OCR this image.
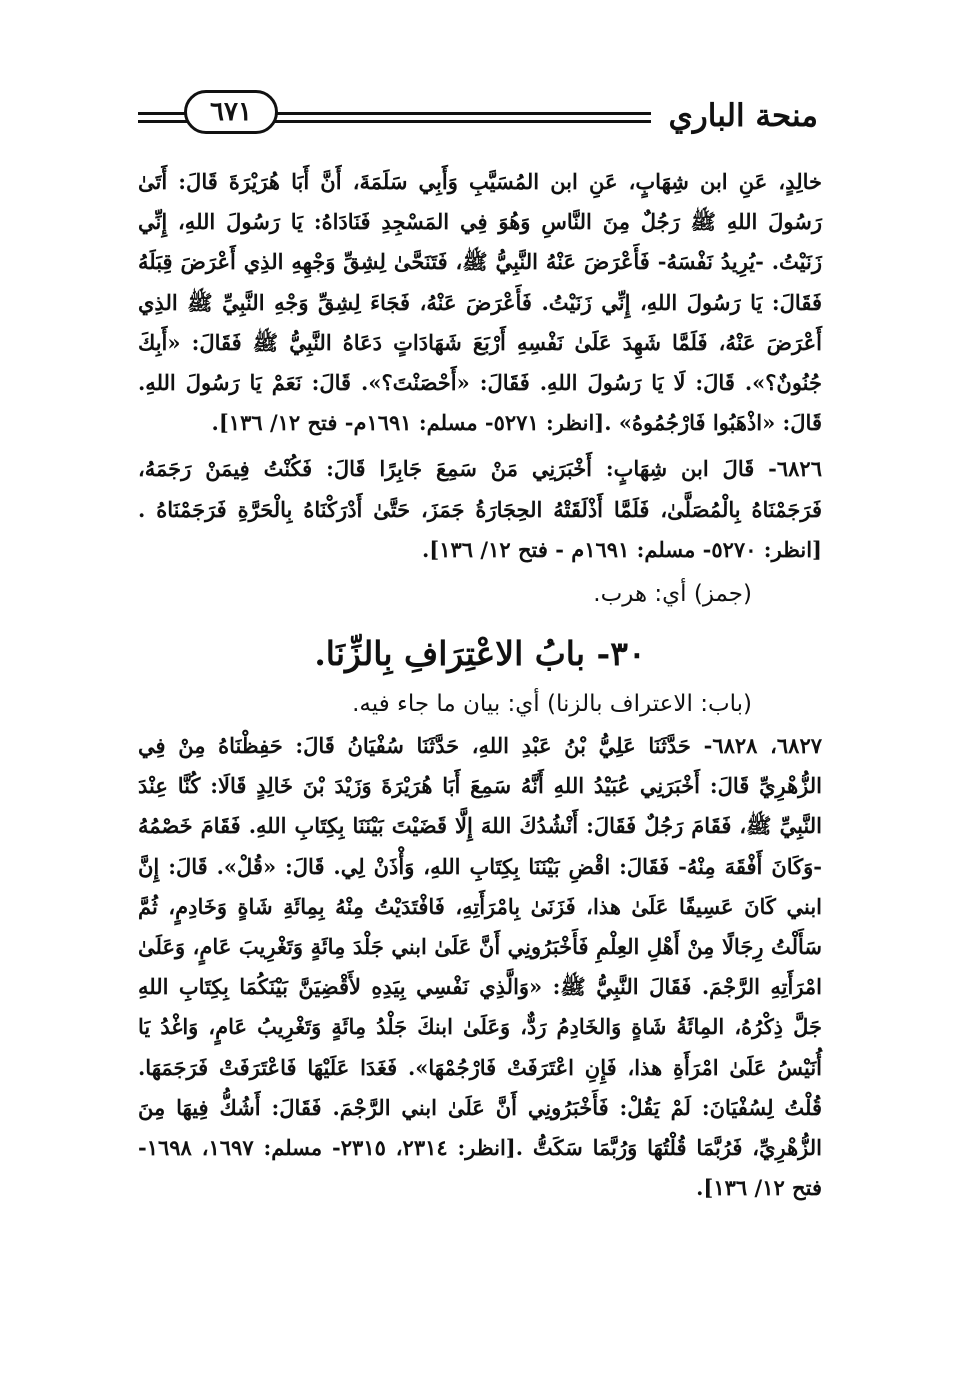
منحة الباري
٦٧١

خالِدٍ، عَنِ ابن شِهَابٍ، عَنِ ابن المُسَيَّبِ وَأَبِي سَلَمَةَ، أَنَّ أَبَا هُرَيْرَةَ قَالَ: أَتَىٰ رَسُولَ اللهِ ﷺ رَجُلٌ مِنَ النَّاسِ وَهُوَ فِي المَسْجِدِ فَنَادَاهُ: يَا رَسُولَ اللهِ، إِنِّي زَنَيْتُ. -يُرِيدُ نَفْسَهُ- فَأَعْرَضَ عَنْهُ النَّبِيُّ ﷺ، فَتَنَحَّىٰ لِشِقِّ وَجْهِهِ الذِي أَعْرَضَ قِبَلَهُ فَقَالَ: يَا رَسُولَ اللهِ، إِنِّي زَنَيْتُ. فَأَعْرَضَ عَنْهُ، فَجَاءَ لِشِقِّ وَجْهِ النَّبِيِّ ﷺ الذِي أَعْرَضَ عَنْهُ، فَلَمَّا شَهِدَ عَلَىٰ نَفْسِهِ أَرْبَعَ شَهَادَاتٍ دَعَاهُ النَّبِيُّ ﷺ فَقَالَ: «أَبِكَ جُنُونٌ؟». قَالَ: لَا يَا رَسُولَ اللهِ. فَقَالَ: «أَحْصَنْتَ؟». قَالَ: نَعَمْ يَا رَسُولَ اللهِ. قَالَ: «اذْهَبُوا فَارْجُمُوهُ» .[انظر: ٥٢٧١- مسلم: ١٦٩١م- فتح ١٢/ ١٣٦].

٦٨٢٦- قَالَ ابن شِهَابٍ: أَخْبَرَنِي مَنْ سَمِعَ جَابِرًا قَالَ: فَكُنْتُ فِيمَنْ رَجَمَهُ، فَرَجَمْنَاهُ بِالْمُصَلَّىٰ، فَلَمَّا أَذْلَقَتْهُ الحِجَارَةُ جَمَزَ، حَتَّىٰ أَدْرَكْنَاهُ بِالْحَرَّةِ فَرَجَمْنَاهُ .[انظر: ٥٢٧٠- مسلم: ١٦٩١م - فتح ١٢/ ١٣٦].

(جمز) أي: هرب.

٣٠- بابُ الاعْتِرَافِ بِالزِّنَا.

(باب: الاعتراف بالزنا) أي: بيان ما جاء فيه.

٦٨٢٧، ٦٨٢٨- حَدَّثَنَا عَلِيُّ بْنُ عَبْدِ اللهِ، حَدَّثَنَا سُفْيَانُ قَالَ: حَفِظْنَاهُ مِنْ فِي الزُّهْرِيِّ قَالَ: أَخْبَرَنِي عُبَيْدُ اللهِ أَنَّهُ سَمِعَ أَبَا هُرَيْرَةَ وَزَيْدَ بْنَ خَالِدٍ قَالَا: كُنَّا عِنْدَ النَّبِيِّ ﷺ، فَقَامَ رَجُلٌ فَقَالَ: أَنْشُدُكَ اللهَ إِلَّا قَضَيْتَ بَيْنَنَا بِكِتَابِ اللهِ. فَقَامَ خَصْمُهُ -وَكَانَ أَفْقَهَ مِنْهُ- فَقَالَ: اقْضِ بَيْنَنَا بِكِتَابِ اللهِ، وَأْذَنْ لِي. قَالَ: «قُلْ». قَالَ: إِنَّ ابني كَانَ عَسِيفًا عَلَىٰ هذا، فَزَنَىٰ بِامْرَأَتِهِ، فَافْتَدَيْتُ مِنْهُ بِمِائَةِ شَاةٍ وَخَادِمٍ، ثُمَّ سَأَلْتُ رِجَالًا مِنْ أَهْلِ العِلْمِ فَأَخْبَرُونِي أَنَّ عَلَىٰ ابني جَلْدَ مِائَةٍ وَتَغْرِيبَ عَامٍ، وَعَلَىٰ امْرَأَتِهِ الرَّجْمَ. فَقَالَ النَّبِيُّ ﷺ: «وَالَّذِي نَفْسِي بِيَدِهِ لأَقْضِيَنَّ بَيْنَكُمَا بِكِتَابِ اللهِ جَلَّ ذِكْرُهُ، المِائَةُ شَاةٍ وَالخَادِمُ رَدٌّ، وَعَلَىٰ ابنكَ جَلْدُ مِائَةٍ وَتَغْرِيبُ عَامٍ، وَاغْدُ يَا أُنَيْسُ عَلَىٰ امْرَأَةِ هذا، فَإِنِ اعْتَرَفَتْ فَارْجُمْهَا». فَغَدَا عَلَيْهَا فَاعْتَرَفَتْ فَرَجَمَهَا. قُلْتُ لِسُفْيَانَ: لَمْ يَقُلْ: فَأَخْبَرُونِي أَنَّ عَلَىٰ ابني الرَّجْمَ. فَقَالَ: أَشُكُّ فِيهَا مِنَ الزُّهْرِيِّ، فَرُبَّمَا قُلْتُهَا وَرُبَّمَا سَكَتُّ .[انظر: ٢٣١٤، ٢٣١٥- مسلم: ١٦٩٧، ١٦٩٨- فتح ١٢/ ١٣٦].
